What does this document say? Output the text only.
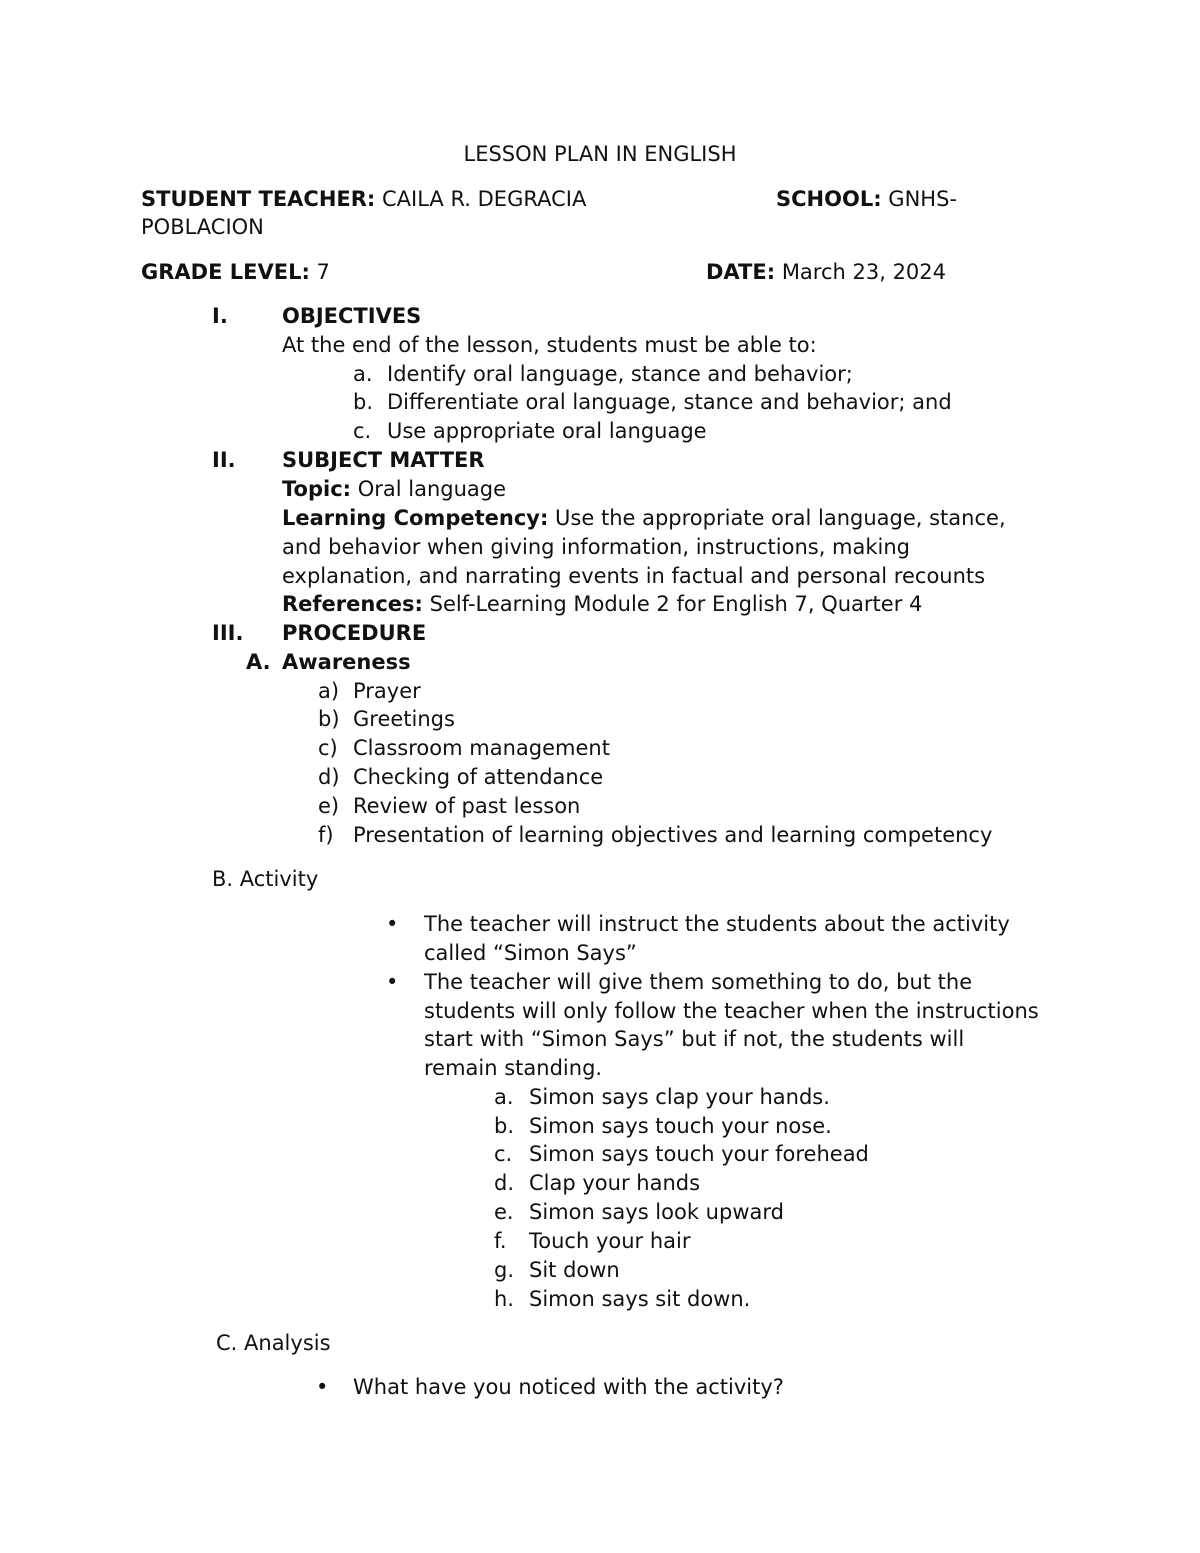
LESSON PLAN IN ENGLISH
STUDENT TEACHER: CAILA R. DEGRACIA	SCHOOL: GNHS-
POBLACION
GRADE LEVEL: 7	DATE: March 23, 2024
I.	OBJECTIVES
At the end of the lesson, students must be able to:
a. Identify oral language, stance and behavior;
b. Differentiate oral language, stance and behavior; and
c. Use appropriate oral language
II. SUBJECT MATTER
Topic: Oral language
Learning Competency: Use the appropriate oral language, stance,
and behavior when giving information, instructions, making
explanation, and narrating events in factual and personal recounts
References: Self-Learning Module 2 for English 7, Quarter 4
III. PROCEDURE
A. Awareness
a) Prayer
b) Greetings
c) Classroom management
d) Checking of attendance
e) Review of past lesson
f) Presentation of learning objectives and learning competency
B. Activity
• The teacher will instruct the students about the activity
called “Simon Says”
• The teacher will give them something to do, but the
students will only follow the teacher when the instructions
start with “Simon Says” but if not, the students will
remain standing.
a. Simon says clap your hands.
b. Simon says touch your nose.
c. Simon says touch your forehead
d. Clap your hands
e. Simon says look upward
f. Touch your hair
g. Sit down
h. Simon says sit down.
C. Analysis
• What have you noticed with the activity?
